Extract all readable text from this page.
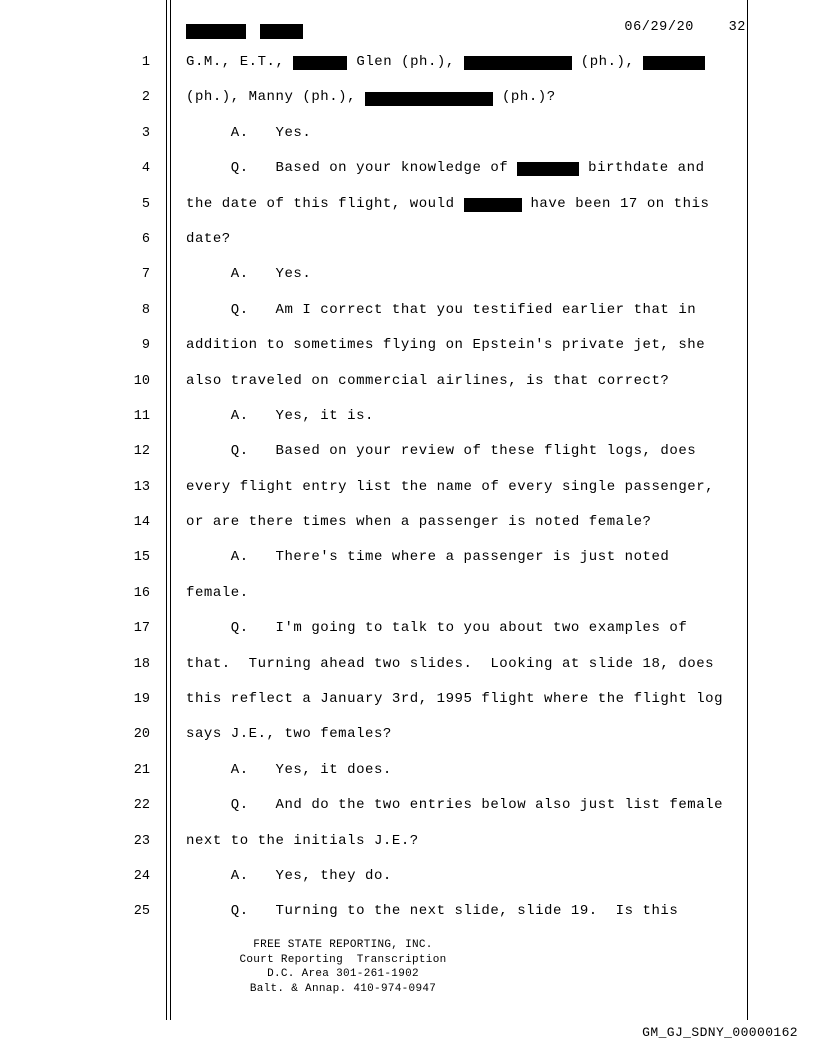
06/29/20	32
1	G.M., E.T.,	Glen (ph.),	(ph.),
2	(ph.), Manny (ph.),	(ph.)?
3	A.   Yes.
4	Q.   Based on your knowledge of	birthdate and
5	the date of this flight, would	have been 17 on this
6	date?
7	A.   Yes.
8	Q.   Am I correct that you testified earlier that in
9	addition to sometimes flying on Epstein's private jet, she
10	also traveled on commercial airlines, is that correct?
11	A.   Yes, it is.
12	Q.   Based on your review of these flight logs, does
13	every flight entry list the name of every single passenger,
14	or are there times when a passenger is noted female?
15	A.   There's time where a passenger is just noted
16	female.
17	Q.   I'm going to talk to you about two examples of
18	that.  Turning ahead two slides.  Looking at slide 18, does
19	this reflect a January 3rd, 1995 flight where the flight log
20	says J.E., two females?
21	A.   Yes, it does.
22	Q.   And do the two entries below also just list female
23	next to the initials J.E.?
24	A.   Yes, they do.
25	Q.   Turning to the next slide, slide 19.  Is this
FREE STATE REPORTING, INC.
Court Reporting  Transcription
D.C. Area 301-261-1902
Balt. & Annap. 410-974-0947
GM_GJ_SDNY_00000162
